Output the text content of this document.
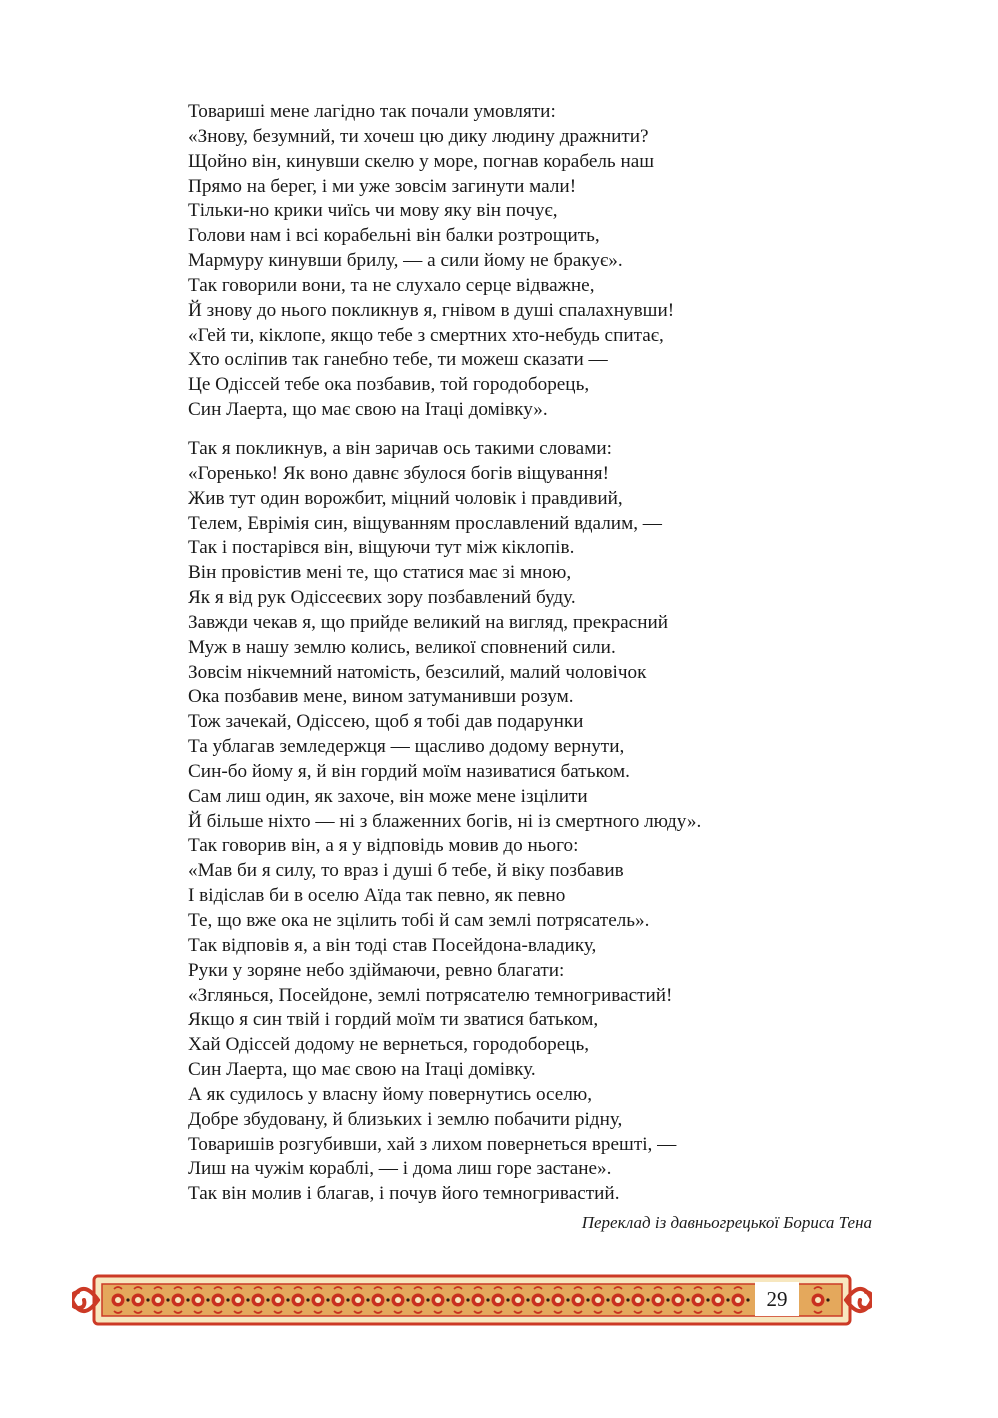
Товариші мене лагідно так почали умовляти:
«Знову, безумний, ти хочеш цю дику людину дражнити?
Щойно він, кинувши скелю у море, погнав корабель наш
Прямо на берег, і ми уже зовсім загинути мали!
Тільки-но крики чиїсь чи мову яку він почує,
Голови нам і всі корабельні він балки розтрощить,
Мармуру кинувши брилу, — а сили йому не бракує».
Так говорили вони, та не слухало серце відважне,
Й знову до нього покликнув я, гнівом в душі спалахнувши!
«Гей ти, кіклопе, якщо тебе з смертних хто-небудь спитає,
Хто осліпив так ганебно тебе, ти можеш сказати —
Це Одіссей тебе ока позбавив, той городоборець,
Син Лаерта, що має свою на Ітаці домівку».
Так я покликнув, а він заричав ось такими словами:
«Горенько! Як воно давнє збулося богів віщування!
Жив тут один ворожбит, міцний чоловік і правдивий,
Телем, Еврімія син, віщуванням прославлений вдалим, —
Так і постарівся він, віщуючи тут між кіклопів.
Він провістив мені те, що статися має зі мною,
Як я від рук Одіссеєвих зору позбавлений буду.
Завжди чекав я, що прийде великий на вигляд, прекрасний
Муж в нашу землю колись, великої сповнений сили.
Зовсім нікчемний натомість, безсилий, малий чоловічок
Ока позбавив мене, вином затуманивши розум.
Тож зачекай, Одіссею, щоб я тобі дав подарунки
Та ублагав земледержця — щасливо додому вернути,
Син-бо йому я, й він гордий моїм називатися батьком.
Сам лиш один, як захоче, він може мене ізцілити
Й більше ніхто — ні з блаженних богів, ні із смертного люду».
Так говорив він, а я у відповідь мовив до нього:
«Мав би я силу, то враз і душі б тебе, й віку позбавив
І відіслав би в оселю Аїда так певно, як певно
Те, що вже ока не зцілить тобі й сам землі потрясатель».
Так відповів я, а він тоді став Посейдона-владику,
Руки у зоряне небо здіймаючи, ревно благати:
«Зглянься, Посейдоне, землі потрясателю темногривастий!
Якщо я син твій і гордий моїм ти зватися батьком,
Хай Одіссей додому не вернеться, городоборець,
Син Лаерта, що має свою на Ітаці домівку.
А як судилось у власну йому повернутись оселю,
Добре збудовану, й близьких і землю побачити рідну,
Товаришів розгубивши, хай з лихом повернеться врешті, —
Лиш на чужім кораблі, — і дома лиш горе застане».
Так він молив і благав, і почув його темногривастий.
Переклад із давньогрецької Бориса Тена
29
